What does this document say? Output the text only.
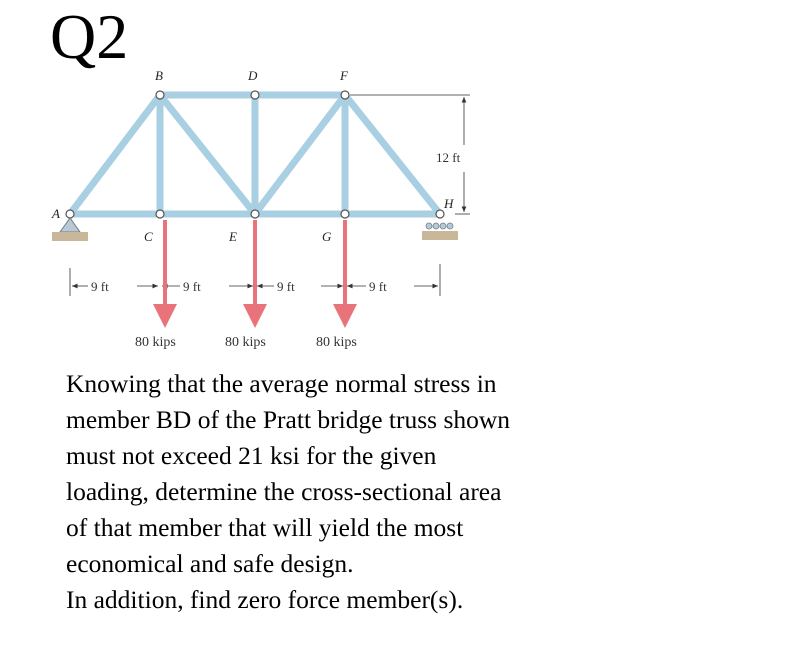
Q2
A
B
C
D
E
F
G
H
12 ft
9 ft	9 ft	9 ft	9 ft
80 kips	80 kips	80 kips
Knowing that the average normal stress in
member BD of the Pratt bridge truss shown
must not exceed 21 ksi for the given
loading, determine the cross-sectional area
of that member that will yield the most
economical and safe design.
In addition, find zero force member(s).
